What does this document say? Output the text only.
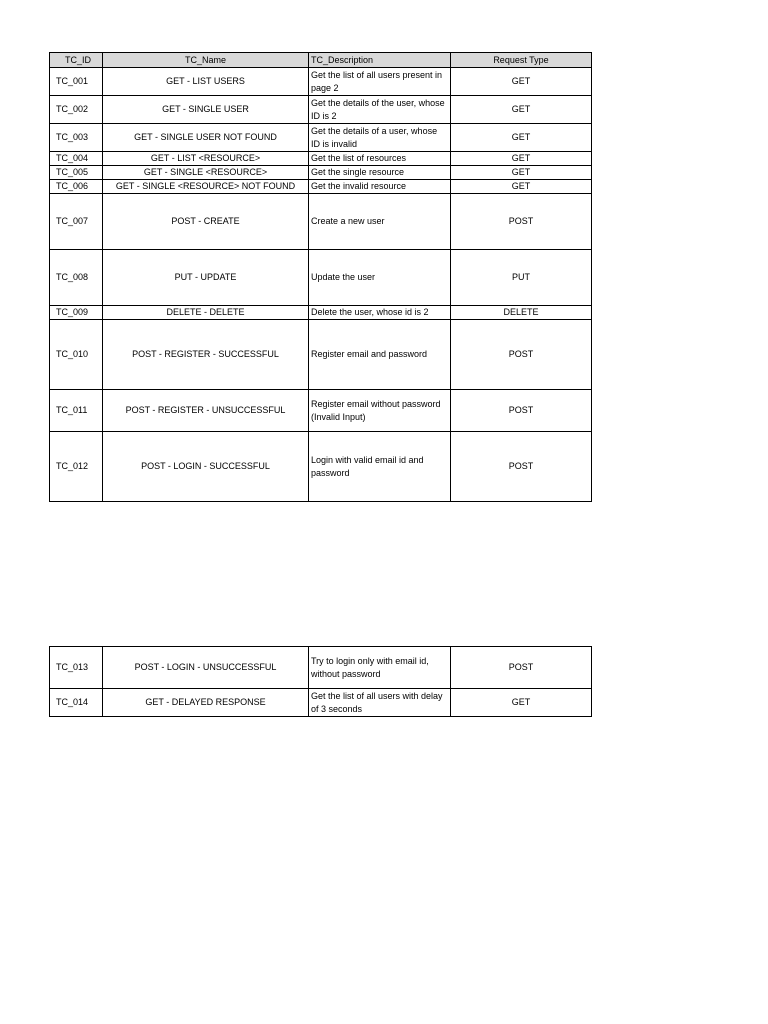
TC_ID	TC_Name	TC_Description	Request Type
TC_001	GET - LIST USERS	Get the list of all users present in page 2	GET
TC_002	GET - SINGLE USER	Get the details of the user, whose ID is 2	GET
TC_003	GET - SINGLE USER NOT FOUND	Get the details of a user, whose ID is invalid	GET
TC_004	GET - LIST <RESOURCE>	Get the list of resources	GET
TC_005	GET - SINGLE <RESOURCE>	Get the single resource	GET
TC_006	GET - SINGLE <RESOURCE> NOT FOUND	Get the invalid resource	GET
TC_007	POST - CREATE	Create a new user	POST
TC_008	PUT - UPDATE	Update the user	PUT
TC_009	DELETE - DELETE	Delete the user, whose id is 2	DELETE
TC_010	POST - REGISTER - SUCCESSFUL	Register email and password	POST
TC_011	POST - REGISTER - UNSUCCESSFUL	Register email without password (Invalid Input)	POST
TC_012	POST - LOGIN - SUCCESSFUL	Login with valid email id and password	POST
TC_013	POST - LOGIN - UNSUCCESSFUL	Try to login only with email id, without password	POST
TC_014	GET - DELAYED RESPONSE	Get the list of all users with delay of 3 seconds	GET
